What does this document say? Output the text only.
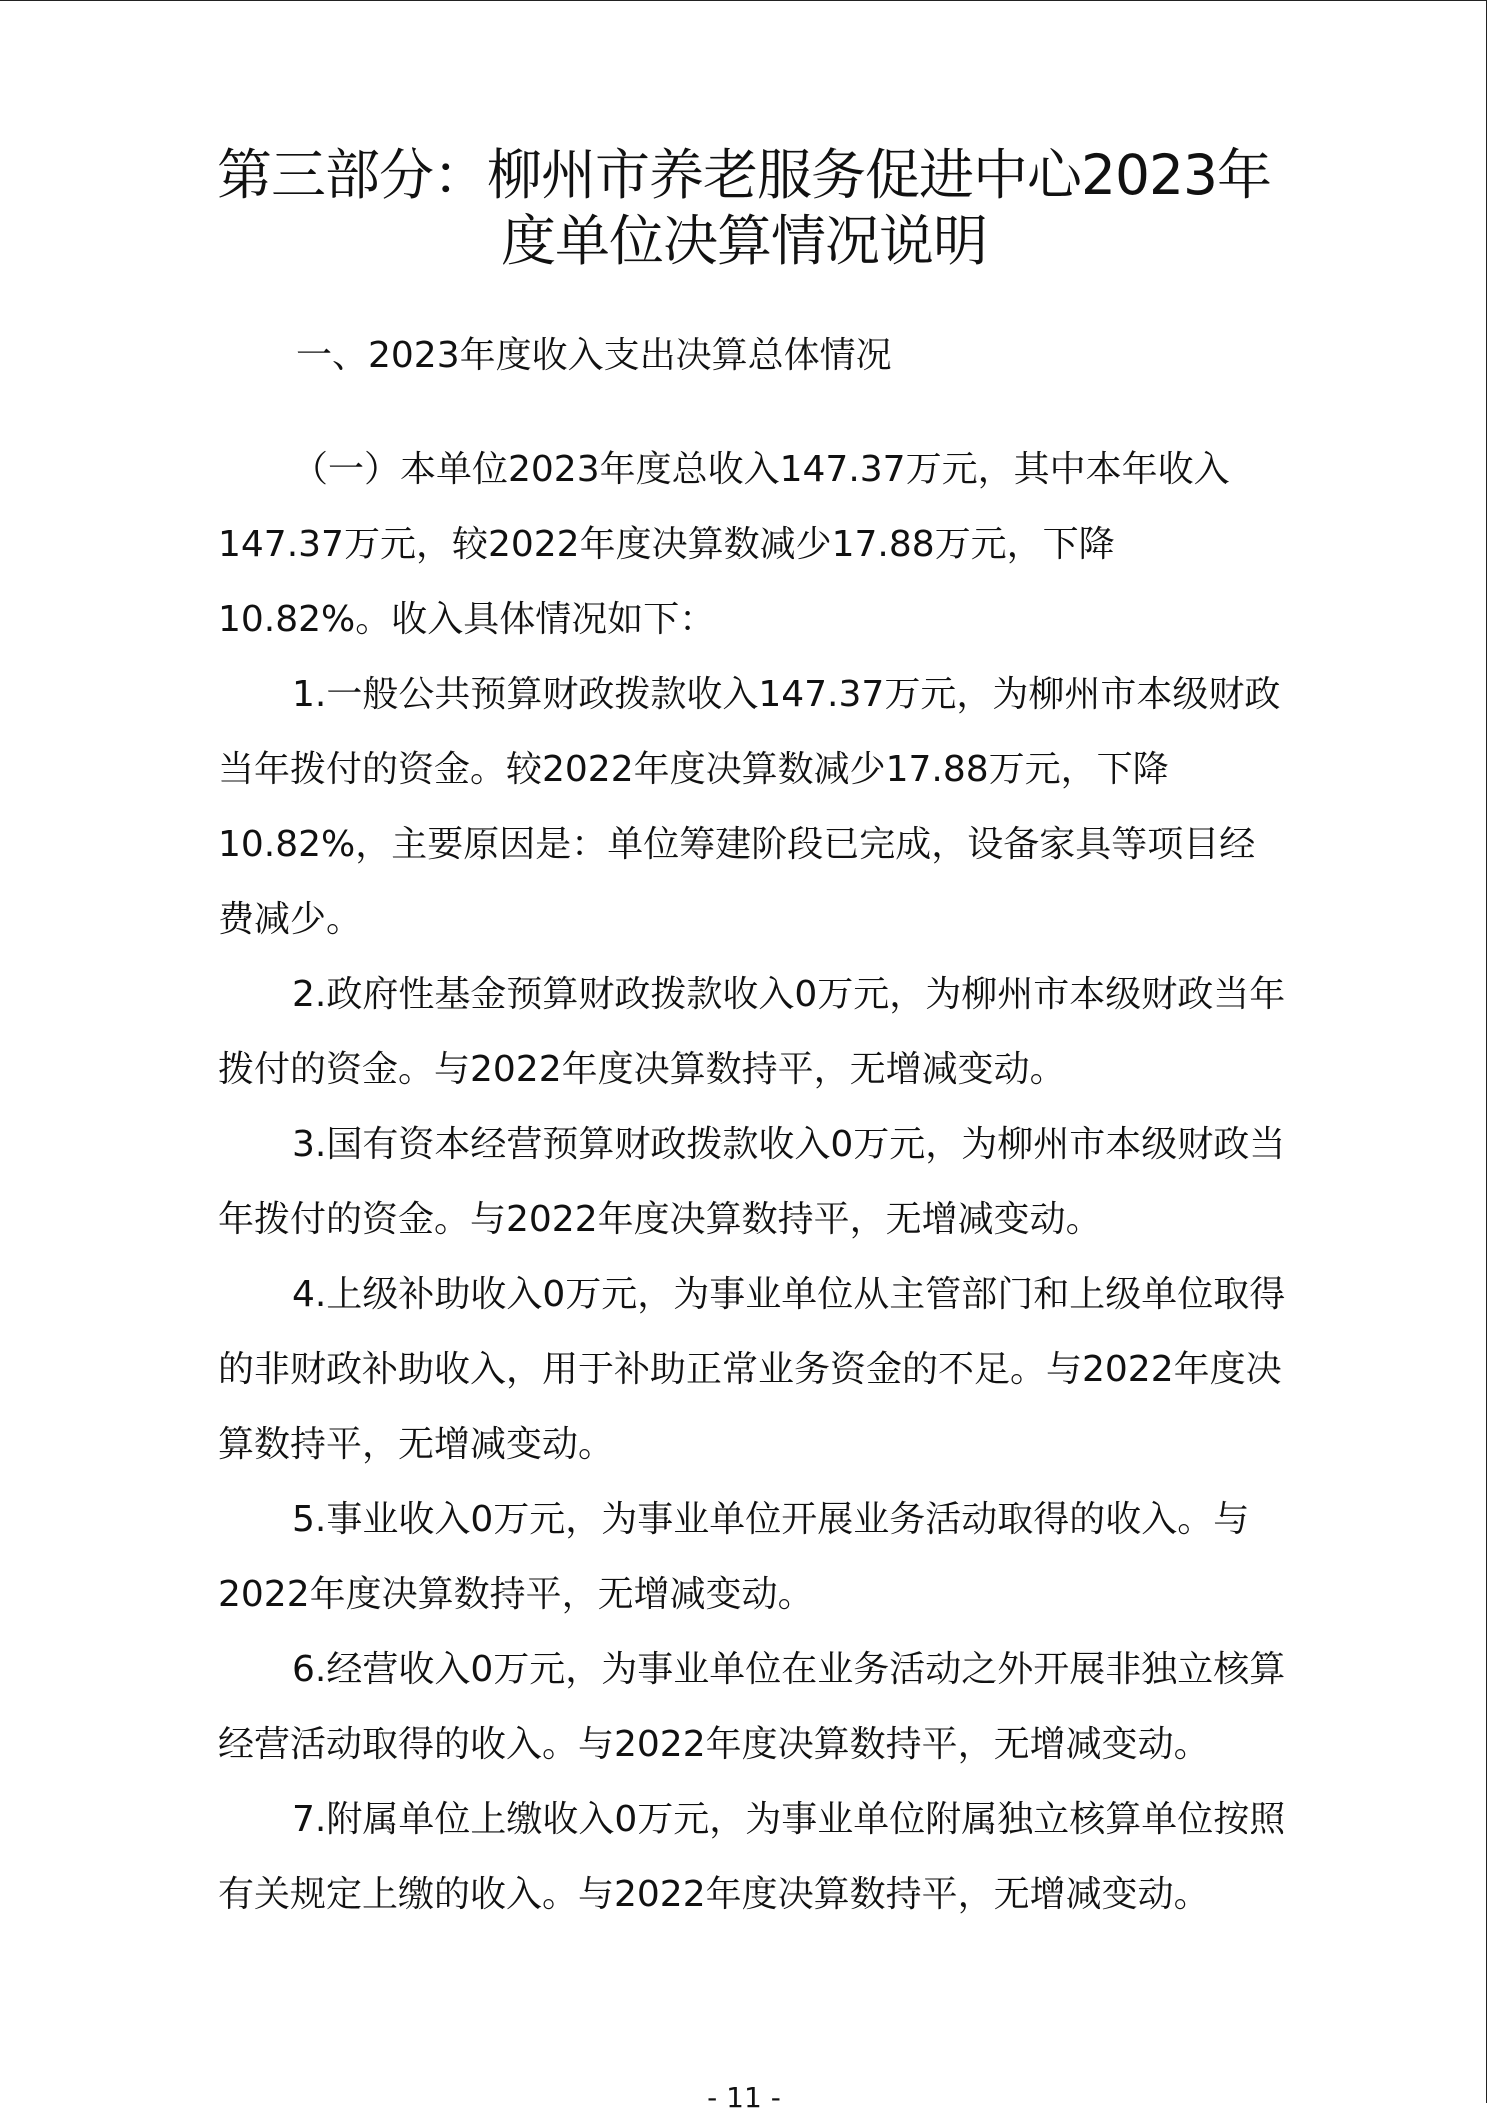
第三部分：柳州市养老服务促进中心2023年
度单位决算情况说明
一、2023年度收入支出决算总体情况

（一）本单位2023年度总收入147.37万元，其中本年收入147.37万元，较2022年度决算数减少17.88万元，下降10.82%。收入具体情况如下：

1.一般公共预算财政拨款收入147.37万元，为柳州市本级财政当年拨付的资金。较2022年度决算数减少17.88万元，下降10.82%，主要原因是：单位筹建阶段已完成，设备家具等项目经费减少。

2.政府性基金预算财政拨款收入0万元，为柳州市本级财政当年拨付的资金。与2022年度决算数持平，无增减变动。

3.国有资本经营预算财政拨款收入0万元，为柳州市本级财政当年拨付的资金。与2022年度决算数持平，无增减变动。

4.上级补助收入0万元，为事业单位从主管部门和上级单位取得的非财政补助收入，用于补助正常业务资金的不足。与2022年度决算数持平，无增减变动。

5.事业收入0万元，为事业单位开展业务活动取得的收入。与2022年度决算数持平，无增减变动。

6.经营收入0万元，为事业单位在业务活动之外开展非独立核算经营活动取得的收入。与2022年度决算数持平，无增减变动。

7.附属单位上缴收入0万元，为事业单位附属独立核算单位按照有关规定上缴的收入。与2022年度决算数持平，无增减变动。

- 11 -
